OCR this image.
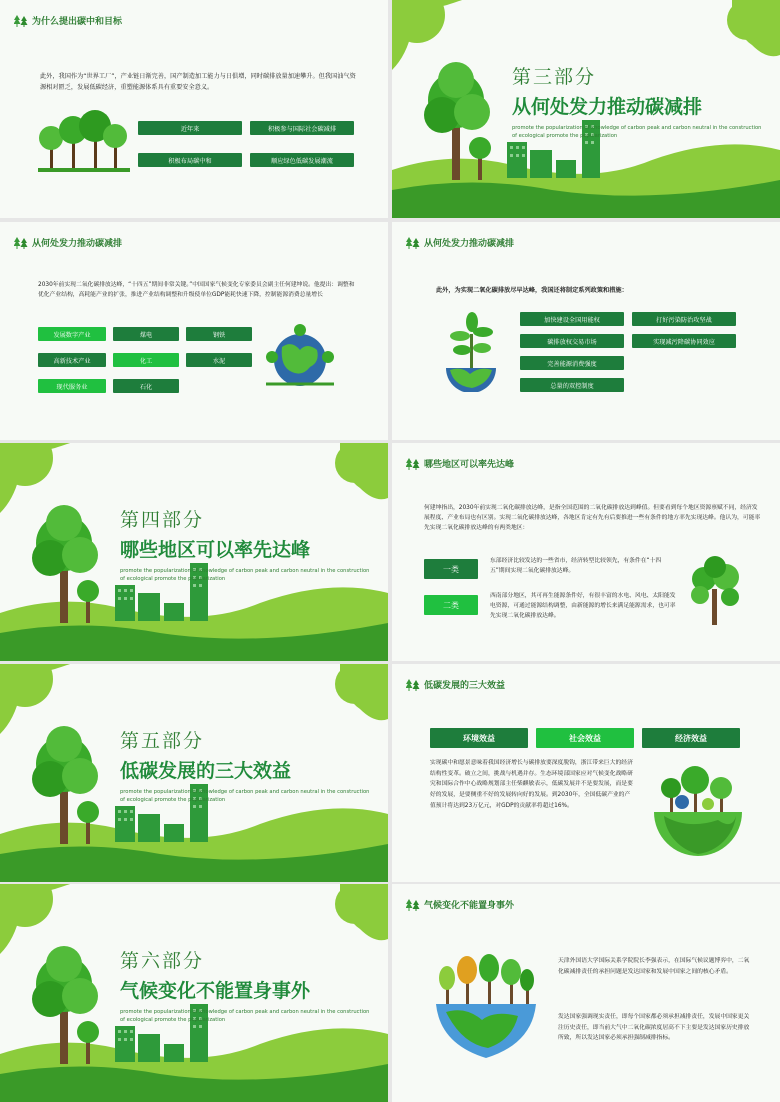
为什么提出碳中和目标
此外，我国作为“世界工厂”，产业链日渐完善，国产制造加工能力与日俱增，同时碳排放量加速攀升。但我国油气资源相对匮乏，发展低碳经济，重塑能源体系具有重要安全意义。
近年来	积极参与国际社会碳减排
积极布局碳中和	顺应绿色低碳发展潮流
第三部分
从何处发力推动碳减排
promote the popularization of knowledge of carbon peak and carbon neutral in the construction of ecological promote the popularization
从何处发力推动碳减排
2030年前实现二氧化碳排放达峰，“十四五”期间非常关键。”中国国家气候变化专家委员会副主任何建坤说。他提出：调整和优化产业结构，高耗能产业的扩张，推进产业结构调整和升级使单位GDP能耗快速下降，控制能源消费总量增长
发展数字产业	煤电	钢铁
高新技术产业	化工	水泥
现代服务业	石化
从何处发力推动碳减排
此外，为实现二氧化碳排放尽早达峰，我国还将制定系列政策和措施：
加快建设全国用能权	打好污染防治攻坚战
碳排放权交易市场	实现减污降碳协同效应
完善能源消费强度
总量的双控制度
第四部分
哪些地区可以率先达峰
promote the popularization of knowledge of carbon peak and carbon neutral in the construction of ecological promote the popularization
哪些地区可以率先达峰
何建坤指出，2030年前实现二氧化碳排放达峰，是指全国范围的二氧化碳排放达到峰值。但要看到每个地区资源禀赋不同，经济发展程度、产业布局也有区别。实现二氧化碳排放达峰，各地区肯定有先有后要推进一些有条件的地方率先实现达峰。他认为，可能率先实现二氧化碳排放达峰的有两类地区：
一类
东部经济比较发达的一些省市，经济转型比较领先，有条件在“十四五”期间实现二氧化碳排放达峰。
二类
西南部分地区，其可再生能源条件好，有很丰富的水电、风电、太阳能发电资源，可通过能源结构调整，由新能源的增长来满足能源需求，也可率先实现二氧化碳排放达峰。
第五部分
低碳发展的三大效益
promote the popularization of knowledge of carbon peak and carbon neutral in the construction of ecological promote the popularization
低碳发展的三大效益
环境效益	社会效益	经济效益
实现碳中和愿景意味着我国经济增长与碳排放要深度脱钩，浙江带来巨大的经济结构性变革。破立之间，挑战与机遇并存。生态环境部国家应对气候变化战略研究和国际合作中心战略规划部主任柴麒敏表示，低碳发展并不是要发展，而是要好的发展，是要侧重不好的发展转向好的发展。到2030年，全国低碳产业的产值预计将达到23万亿元，对GDP的贡献率将超过16%。
第六部分
气候变化不能置身事外
promote the popularization of knowledge of carbon peak and carbon neutral in the construction of ecological promote the popularization
气候变化不能置身事外
天津外国语大学国际关系学院院长李强表示，在国际气候议题博弈中，二氧化碳减排责任的承担问题是发达国家和发展中国家之间的核心矛盾。
发达国家强调现实责任，即每个国家都必须承担减排责任，发展中国家更关注历史责任，即当前大气中二氧化碳浓度居高不下主要是发达国家历史排放所致，所以发达国家必须承担强制减排指标。
